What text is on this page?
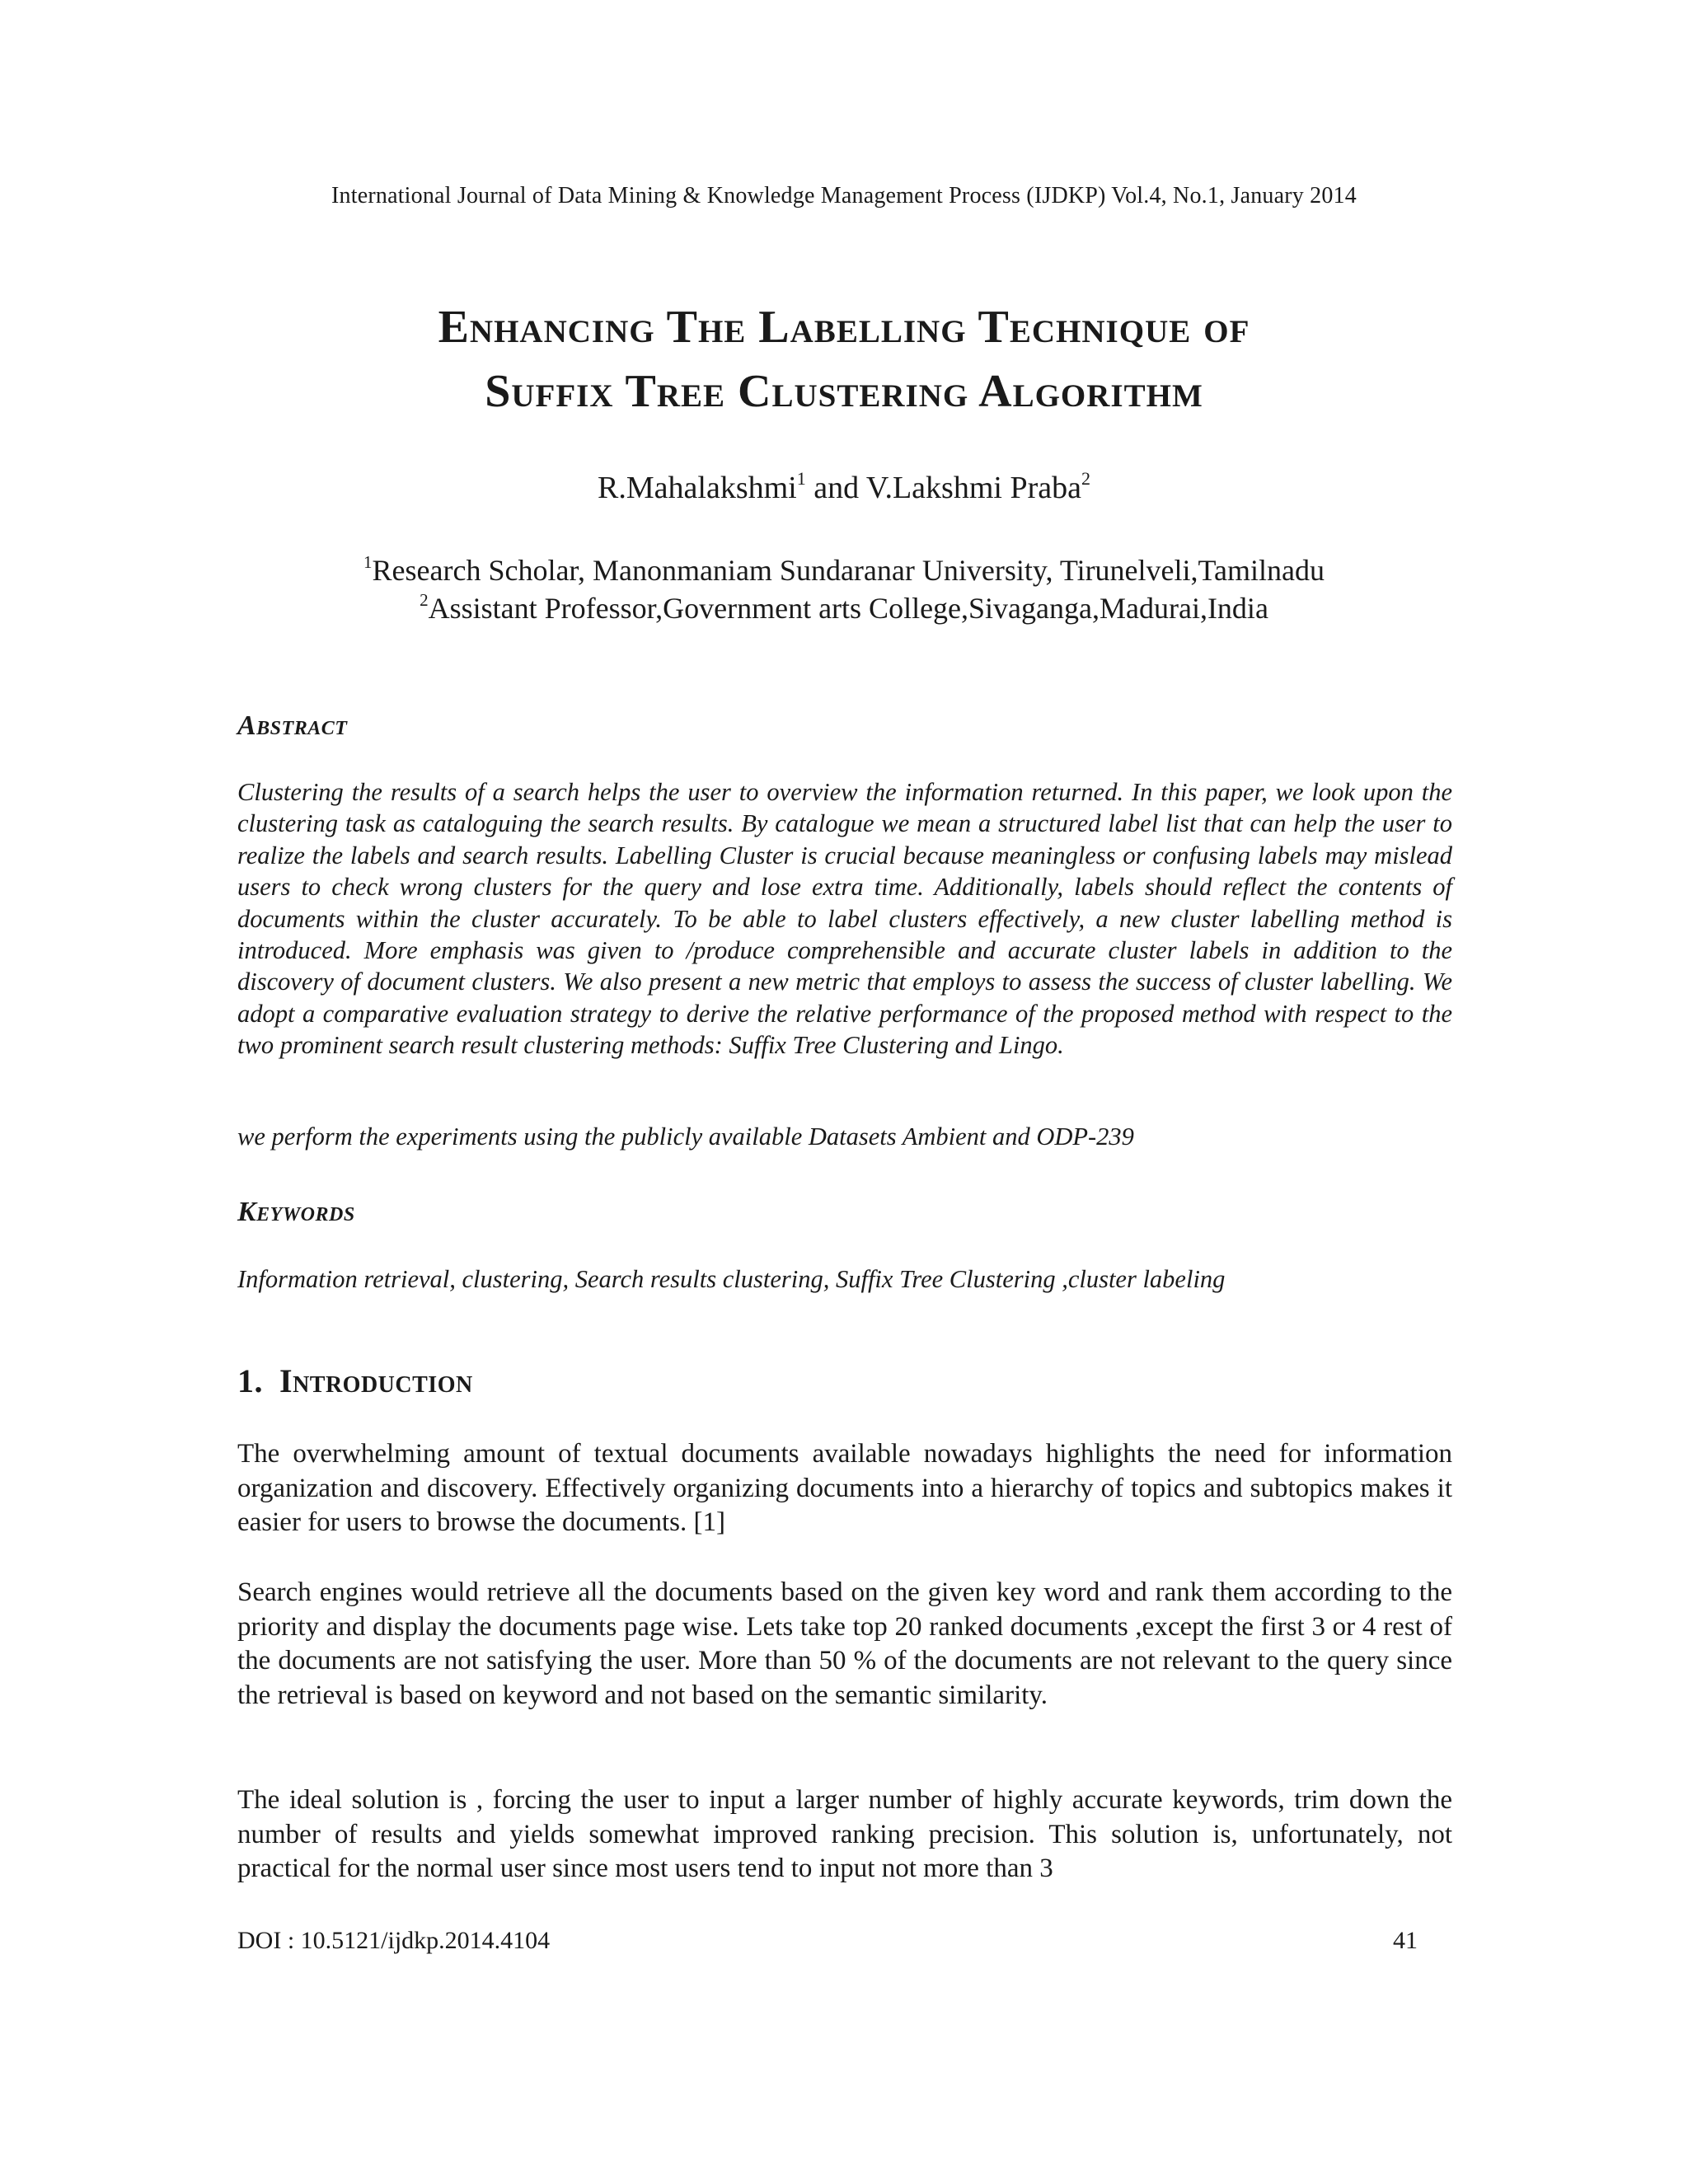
International Journal of Data Mining & Knowledge Management Process (IJDKP) Vol.4, No.1, January 2014
Enhancing The Labelling Technique of
Suffix Tree Clustering Algorithm
R.Mahalakshmi$^1$ and V.Lakshmi Praba$^2$
$^1$Research Scholar, Manonmaniam Sundaranar University, Tirunelveli,Tamilnadu
$^2$Assistant Professor,Government arts College,Sivaganga,Madurai,India
Abstract
Clustering the results of a search helps the user to overview the information returned. In this paper, we look upon the clustering task as cataloguing the search results. By catalogue we mean a structured label list that can help the user to realize the labels and search results. Labelling Cluster is crucial because meaningless or confusing labels may mislead users to check wrong clusters for the query and lose extra time. Additionally, labels should reflect the contents of documents within the cluster accurately. To be able to label clusters effectively, a new cluster labelling method is introduced. More emphasis was given to /produce comprehensible and accurate cluster labels in addition to the discovery of document clusters. We also present a new metric that employs to assess the success of cluster labelling. We adopt a comparative evaluation strategy to derive the relative performance of the proposed method with respect to the two prominent search result clustering methods: Suffix Tree Clustering and Lingo.
we perform the experiments using the publicly available Datasets Ambient and ODP-239
Keywords
Information retrieval, clustering, Search results clustering, Suffix Tree Clustering ,cluster labeling
1. Introduction
The overwhelming amount of textual documents available nowadays highlights the need for information organization and discovery. Effectively organizing documents into a hierarchy of topics and subtopics makes it easier for users to browse the documents. [1]
Search engines would retrieve all the documents based on the given key word and rank them according to the priority and display the documents page wise. Lets take top 20 ranked documents ,except the first 3 or 4 rest of the documents are not satisfying the user. More than 50 % of the documents are not relevant to the query since the retrieval is based on keyword and not based on the semantic similarity.
The ideal solution is , forcing the user to input a larger number of highly accurate keywords, trim down the number of results and yields somewhat improved ranking precision. This solution is, unfortunately, not practical for the normal user since most users tend to input not more than 3
DOI : 10.5121/ijdkp.2014.4104	41
